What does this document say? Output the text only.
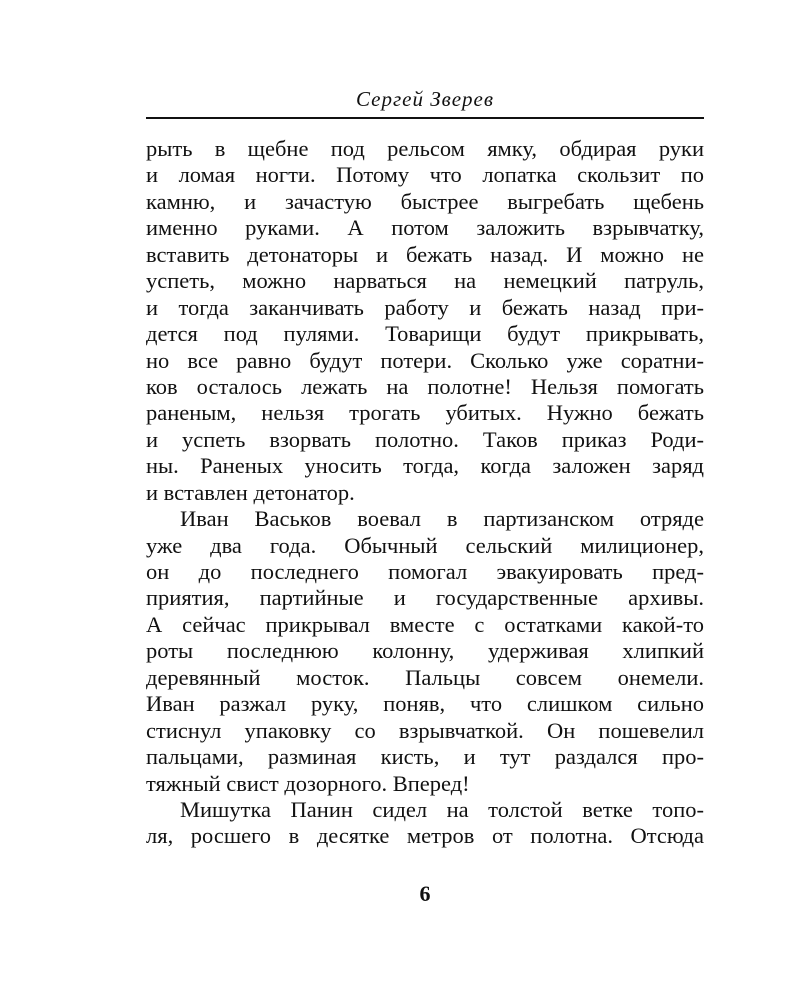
Сергей Зверев
рыть в щебне под рельсом ямку, обдирая руки
и ломая ногти. Потому что лопатка скользит по
камню, и зачастую быстрее выгребать щебень
именно руками. А потом заложить взрывчатку,
вставить детонаторы и бежать назад. И можно не
успеть, можно нарваться на немецкий патруль,
и тогда заканчивать работу и бежать назад при-
дется под пулями. Товарищи будут прикрывать,
но все равно будут потери. Сколько уже соратни-
ков осталось лежать на полотне! Нельзя помогать
раненым, нельзя трогать убитых. Нужно бежать
и успеть взорвать полотно. Таков приказ Роди-
ны. Раненых уносить тогда, когда заложен заряд
и вставлен детонатор.
Иван Васьков воевал в партизанском отряде
уже два года. Обычный сельский милиционер,
он до последнего помогал эвакуировать пред-
приятия, партийные и государственные архивы.
А сейчас прикрывал вместе с остатками какой-то
роты последнюю колонну, удерживая хлипкий
деревянный мосток. Пальцы совсем онемели.
Иван разжал руку, поняв, что слишком сильно
стиснул упаковку со взрывчаткой. Он пошевелил
пальцами, разминая кисть, и тут раздался про-
тяжный свист дозорного. Вперед!
Мишутка Панин сидел на толстой ветке топо-
ля, росшего в десятке метров от полотна. Отсюда
6
